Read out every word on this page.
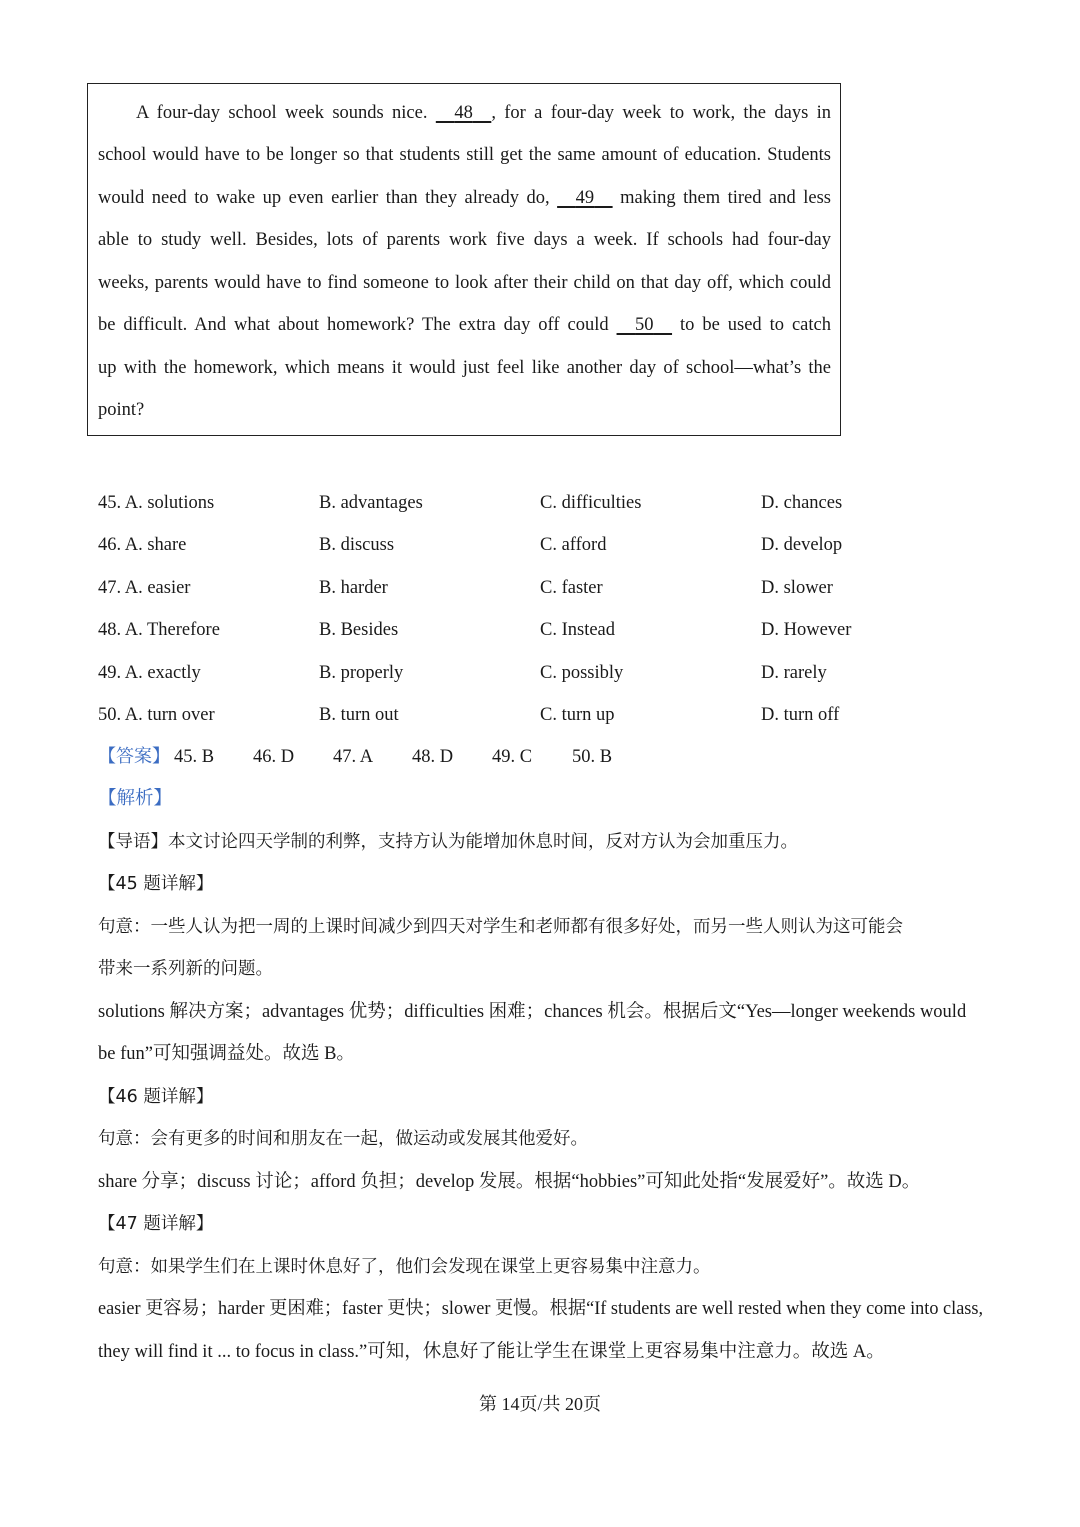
A four-day school week sounds nice.     48 , for a four-day week to work, the days in
school would have to be longer so that students still get the same amount of education. Students
would need to wake up even earlier than they already do,     49     making them tired and less
able to study well. Besides, lots of parents work five days a week. If schools had four-day
weeks, parents would have to find someone to look after their child on that day off, which could
be difficult. And what about homework? The extra day off could     50     to be used to catch
up with the homework, which means it would just feel like another day of school—what’s the
point?
45. A. solutions	B. advantages	C. difficulties	D. chances
46. A. share	B. discuss	C. afford	D. develop
47. A. easier	B. harder	C. faster	D. slower
48. A. Therefore	B. Besides	C. Instead	D. However
49. A. exactly	B. properly	C. possibly	D. rarely
50. A. turn over	B. turn out	C. turn up	D. turn off
【答案】 45. B 46. D 47. A 48. D 49. C 50. B
【解析】
【导语】本文讨论四天学制的利弊，支持方认为能增加休息时间，反对方认为会加重压力。
【45 题详解】
句意：一些人认为把一周的上课时间减少到四天对学生和老师都有很多好处，而另一些人则认为这可能会
带来一系列新的问题。
solutions 解决方案；advantages 优势；difficulties 困难；chances 机会。根据后文“Yes—longer weekends would
be fun”可知强调益处。故选 B。
【46 题详解】
句意：会有更多的时间和朋友在一起，做运动或发展其他爱好。
share 分享；discuss 讨论；afford 负担；develop 发展。根据“hobbies”可知此处指“发展爱好”。故选 D。
【47 题详解】
句意：如果学生们在上课时休息好了，他们会发现在课堂上更容易集中注意力。
easier 更容易；harder 更困难；faster 更快；slower 更慢。根据“If students are well rested when they come into class,
they will find it ... to focus in class.”可知，休息好了能让学生在课堂上更容易集中注意力。故选 A。
第 14页/共 20页
